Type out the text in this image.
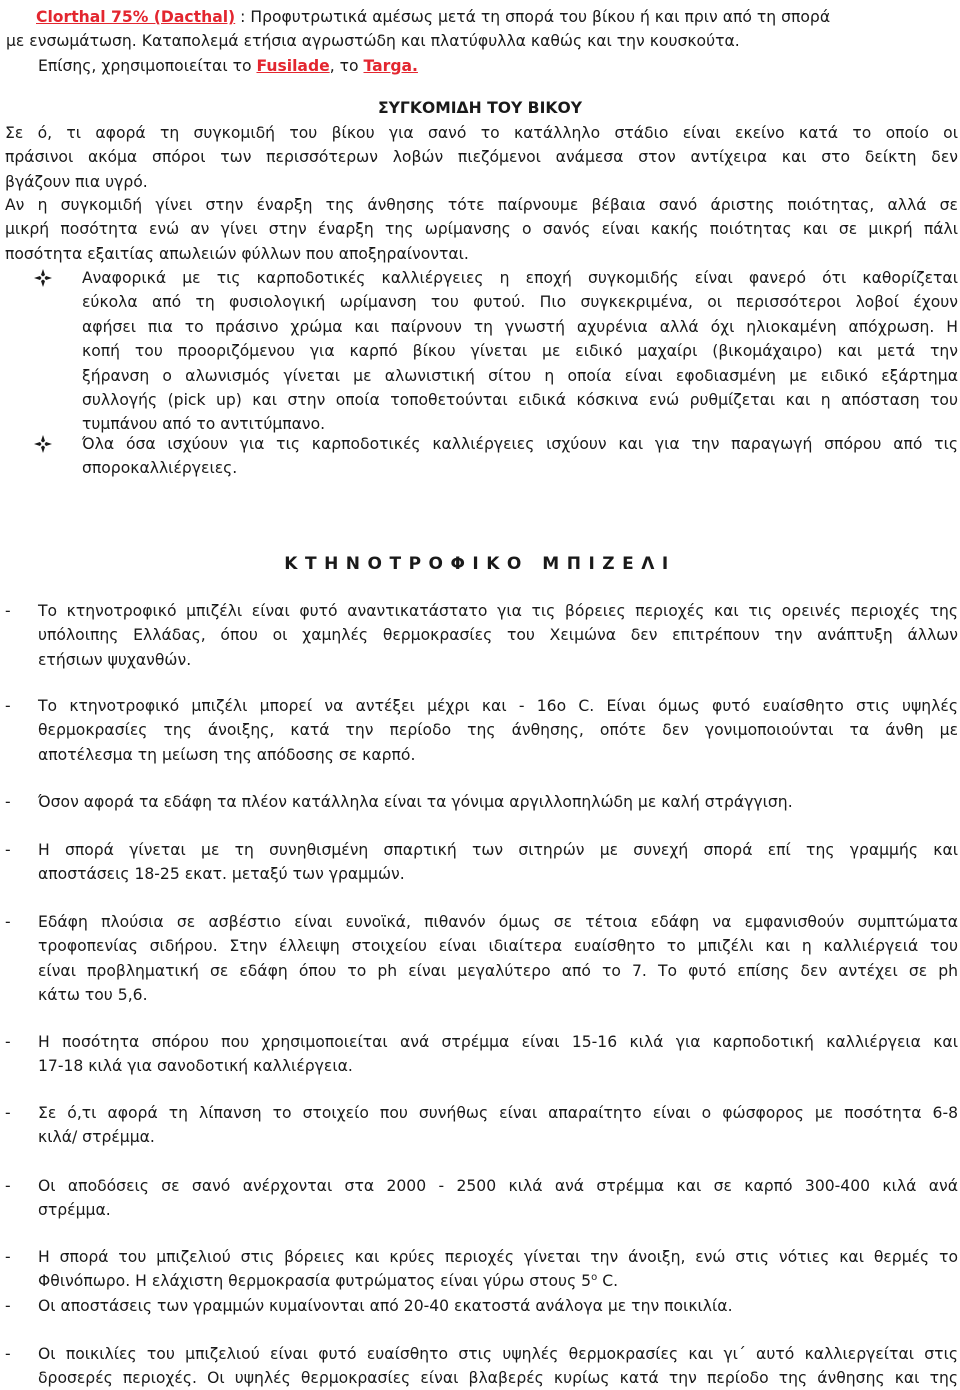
Clorthal 75% (Dacthal) : Προφυτρωτικά αμέσως μετά τη σπορά του βίκου ή και πριν από τη σπορά
με ενσωμάτωση. Καταπολεμά ετήσια αγρωστώδη και πλατύφυλλα καθώς και την κουσκούτα.
Επίσης, χρησιμοποιείται το Fusilade, το Targa.
ΣΥΓΚΟΜΙΔΗ ΤΟΥ ΒΙΚΟΥ
Σε ό, τι αφορά τη συγκομιδή του βίκου για σανό το κατάλληλο στάδιο είναι εκείνο κατά το οποίο οι
πράσινοι ακόμα σπόροι των περισσότερων λοβών πιεζόμενοι ανάμεσα στον αντίχειρα και στο δείκτη δεν
βγάζουν πια υγρό.
Αν η συγκομιδή γίνει στην έναρξη της άνθησης τότε παίρνουμε βέβαια σανό άριστης ποιότητας, αλλά σε
μικρή ποσότητα ενώ αν γίνει στην έναρξη της ωρίμανσης ο σανός είναι κακής ποιότητας και σε μικρή πάλι
ποσότητα εξαιτίας απωλειών φύλλων που αποξηραίνονται.
Αναφορικά με τις καρποδοτικές καλλιέργειες η εποχή συγκομιδής είναι φανερό ότι καθορίζεται
εύκολα από τη φυσιολογική ωρίμανση του φυτού. Πιο συγκεκριμένα, οι περισσότεροι λοβοί έχουν
αφήσει πια το πράσινο χρώμα και παίρνουν τη γνωστή αχυρένια αλλά όχι ηλιοκαμένη απόχρωση. Η
κοπή του προοριζόμενου για καρπό βίκου γίνεται με ειδικό μαχαίρι (βικομάχαιρο) και μετά την
ξήρανση ο αλωνισμός γίνεται με αλωνιστική σίτου η οποία είναι εφοδιασμένη με ειδικό εξάρτημα
συλλογής (pick up) και στην οποία τοποθετούνται ειδικά κόσκινα ενώ ρυθμίζεται και η απόσταση του
τυμπάνου από το αντιτύμπανο.
Όλα όσα ισχύουν για τις καρποδοτικές καλλιέργειες ισχύουν και για την παραγωγή σπόρου από τις
σποροκαλλιέργειες.
ΚΤΗΝΟΤΡΟΦΙΚΟ ΜΠΙΖΕΛΙ
-	Το κτηνοτροφικό μπιζέλι είναι φυτό αναντικατάστατο για τις βόρειες περιοχές και τις ορεινές περιοχές της
υπόλοιπης Ελλάδας, όπου οι χαμηλές θερμοκρασίες του Χειμώνα δεν επιτρέπουν την ανάπτυξη άλλων
ετήσιων ψυχανθών.
-	Το κτηνοτροφικό μπιζέλι μπορεί να αντέξει μέχρι και - 16ο C. Είναι όμως φυτό ευαίσθητο στις υψηλές
θερμοκρασίες της άνοιξης, κατά την περίοδο της άνθησης, οπότε δεν γονιμοποιούνται τα άνθη με
αποτέλεσμα τη μείωση της απόδοσης σε καρπό.
-	Όσον αφορά τα εδάφη τα πλέον κατάλληλα είναι τα γόνιμα αργιλλοπηλώδη με καλή στράγγιση.
-	Η σπορά γίνεται με τη συνηθισμένη σπαρτική των σιτηρών με συνεχή σπορά επί της γραμμής και
αποστάσεις 18-25 εκατ. μεταξύ των γραμμών.
-	Εδάφη πλούσια σε ασβέστιο είναι ευνοϊκά, πιθανόν όμως σε τέτοια εδάφη να εμφανισθούν συμπτώματα
τροφοπενίας σιδήρου. Στην έλλειψη στοιχείου είναι ιδιαίτερα ευαίσθητο το μπιζέλι και η καλλιέργειά του
είναι προβληματική σε εδάφη όπου το ph είναι μεγαλύτερο από το 7. Το φυτό επίσης δεν αντέχει σε ph
κάτω του 5,6.
-	Η ποσότητα σπόρου που χρησιμοποιείται ανά στρέμμα είναι 15-16 κιλά για καρποδοτική καλλιέργεια και
17-18 κιλά για σανοδοτική καλλιέργεια.
-	Σε ό,τι αφορά τη λίπανση το στοιχείο που συνήθως είναι απαραίτητο είναι ο φώσφορος με ποσότητα 6-8
κιλά/ στρέμμα.
-	Οι αποδόσεις σε σανό ανέρχονται στα 2000 - 2500 κιλά ανά στρέμμα και σε καρπό 300-400 κιλά ανά
στρέμμα.
-	Η σπορά του μπιζελιού στις βόρειες και κρύες περιοχές γίνεται την άνοιξη, ενώ στις νότιες και θερμές το
Φθινόπωρο. Η ελάχιστη θερμοκρασία φυτρώματος είναι γύρω στους $5^o$ C.
-	Οι αποστάσεις των γραμμών κυμαίνονται από 20-40 εκατοστά ανάλογα με την ποικιλία.
-	Οι ποικιλίες του μπιζελιού είναι φυτό ευαίσθητο στις υψηλές θερμοκρασίες και γι΄ αυτό καλλιεργείται στις
δροσερές περιοχές. Οι υψηλές θερμοκρασίες είναι βλαβερές κυρίως κατά την περίοδο της άνθησης και της
